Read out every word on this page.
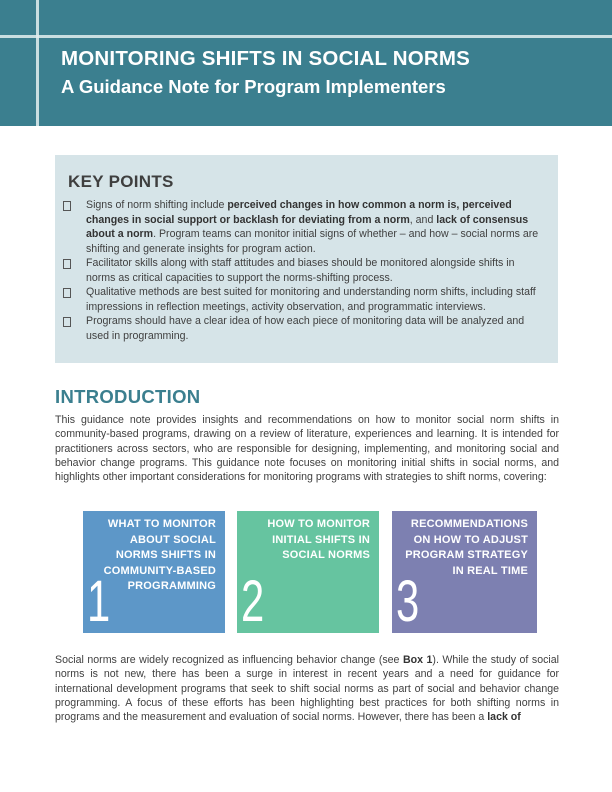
MONITORING SHIFTS IN SOCIAL NORMS
A Guidance Note for Program Implementers
KEY POINTS
Signs of norm shifting include perceived changes in how common a norm is, perceived changes in social support or backlash for deviating from a norm, and lack of consensus about a norm. Program teams can monitor initial signs of whether – and how – social norms are shifting and generate insights for program action.
Facilitator skills along with staff attitudes and biases should be monitored alongside shifts in norms as critical capacities to support the norms-shifting process.
Qualitative methods are best suited for monitoring and understanding norm shifts, including staff impressions in reflection meetings, activity observation, and programmatic interviews.
Programs should have a clear idea of how each piece of monitoring data will be analyzed and used in programming.
INTRODUCTION

This guidance note provides insights and recommendations on how to monitor social norm shifts in community-based programs, drawing on a review of literature, experiences and learning. It is intended for practitioners across sectors, who are responsible for designing, implementing, and monitoring social and behavior change programs. This guidance note focuses on monitoring initial shifts in social norms, and highlights other important considerations for monitoring programs with strategies to shift norms, covering:

WHAT TO MONITOR ABOUT SOCIAL NORMS SHIFTS IN COMMUNITY-BASED PROGRAMMING
1
HOW TO MONITOR INITIAL SHIFTS IN SOCIAL NORMS
2
RECOMMENDATIONS ON HOW TO ADJUST PROGRAM STRATEGY IN REAL TIME
3

Social norms are widely recognized as influencing behavior change (see Box 1). While the study of social norms is not new, there has been a surge in interest in recent years and a need for guidance for international development programs that seek to shift social norms as part of social and behavior change programming. A focus of these efforts has been highlighting best practices for both shifting norms in programs and the measurement and evaluation of social norms. However, there has been a lack of
